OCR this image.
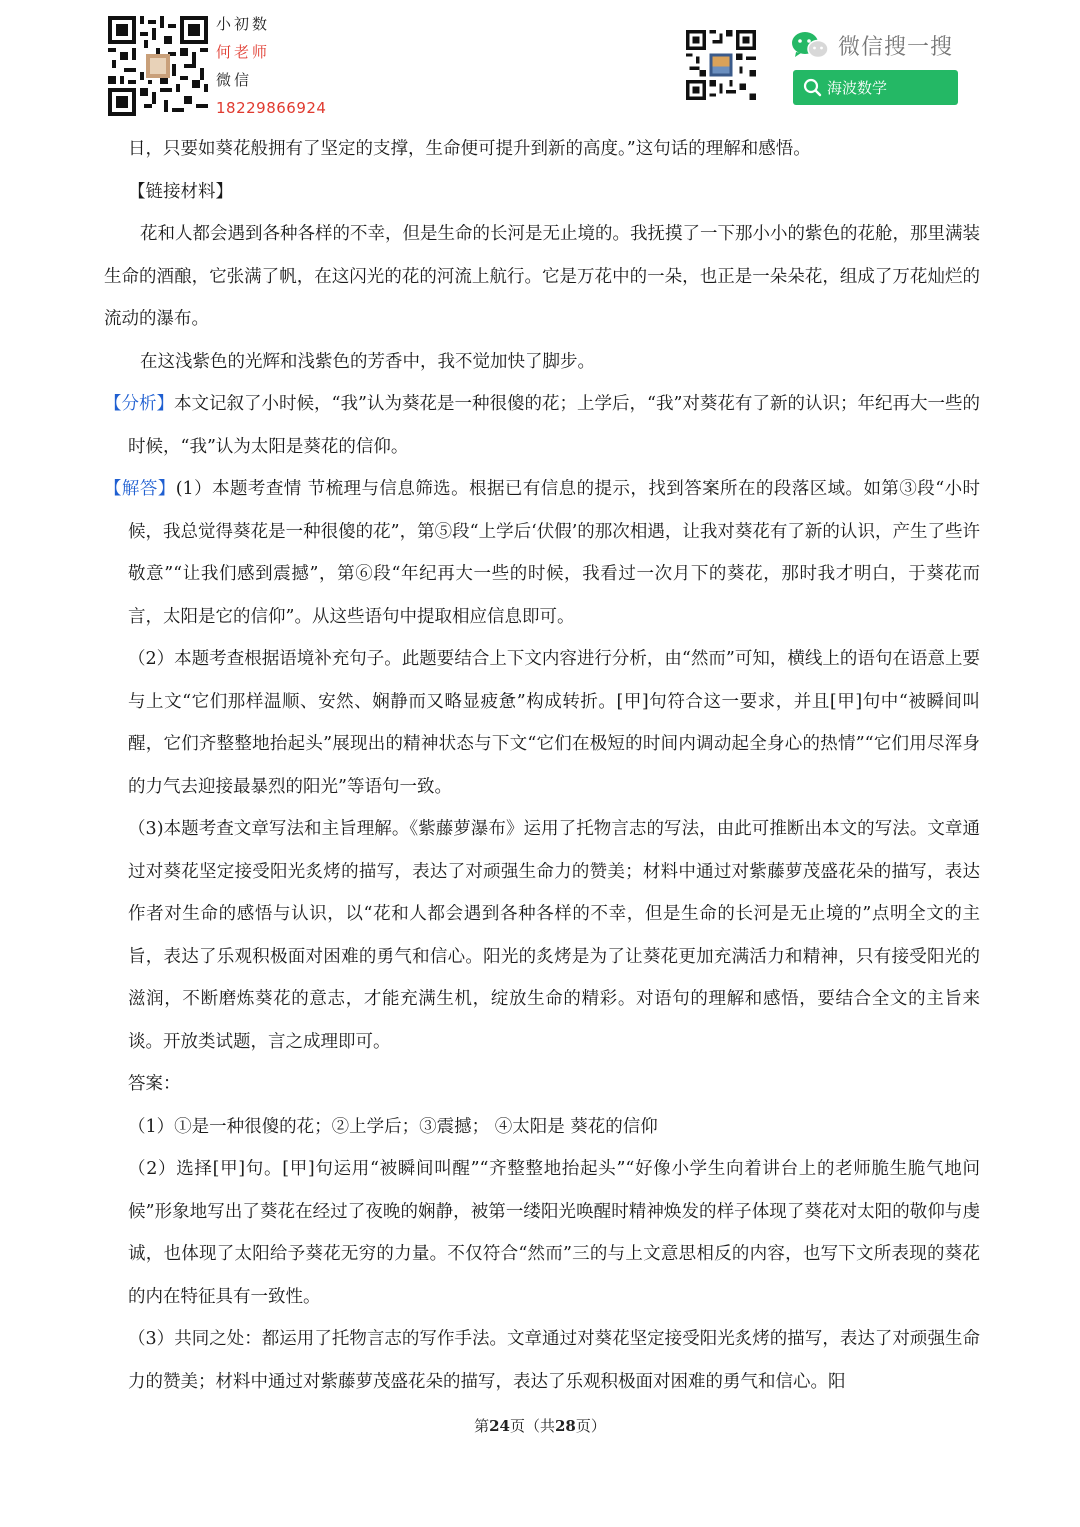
小初数
何老师
微信
18229866924
微信搜一搜
海波数学

日，只要如葵花般拥有了坚定的支撑，生命便可提升到新的高度。”这句话的理解和感悟。

【链接材料】

花和人都会遇到各种各样的不幸，但是生命的长河是无止境的。我抚摸了一下那小小的紫色的花舱，那里满装生命的酒酿，它张满了帆，在这闪光的花的河流上航行。它是万花中的一朵，也正是一朵朵花，组成了万花灿烂的流动的瀑布。

在这浅紫色的光辉和浅紫色的芳香中，我不觉加快了脚步。

【分析】本文记叙了小时候，“我”认为葵花是一种很傻的花；上学后，“我”对葵花有了新的认识；年纪再大一些的时候，“我”认为太阳是葵花的信仰。

【解答】(1）本题考查情 节梳理与信息筛选。根据已有信息的提示，找到答案所在的段落区域。如第③段“小时候，我总觉得葵花是一种很傻的花”，第⑤段“上学后‘伏假’的那次相遇，让我对葵花有了新的认识，产生了些许敬意”“让我们感到震撼”，第⑥段“年纪再大一些的时候，我看过一次月下的葵花，那时我才明白，于葵花而言，太阳是它的信仰”。从这些语句中提取相应信息即可。

（2）本题考查根据语境补充句子。此题要结合上下文内容进行分析，由“然而”可知，横线上的语句在语意上要与上文“它们那样温顺、安然、娴静而又略显疲惫”构成转折。[甲]句符合这一要求，并且[甲]句中“被瞬间叫醒，它们齐整整地抬起头”展现出的精神状态与下文“它们在极短的时间内调动起全身心的热情”“它们用尽浑身的力气去迎接最暴烈的阳光”等语句一致。

（3)本题考查文章写法和主旨理解。《紫藤萝瀑布》运用了托物言志的写法，由此可推断出本文的写法。文章通过对葵花坚定接受阳光炙烤的描写，表达了对顽强生命力的赞美；材料中通过对紫藤萝茂盛花朵的描写，表达作者对生命的感悟与认识，以“花和人都会遇到各种各样的不幸，但是生命的长河是无止境的”点明全文的主旨，表达了乐观积极面对困难的勇气和信心。阳光的炙烤是为了让葵花更加充满活力和精神，只有接受阳光的滋润，不断磨炼葵花的意志，才能充满生机，绽放生命的精彩。对语句的理解和感悟，要结合全文的主旨来谈。开放类试题，言之成理即可。

答案：

（1）①是一种很傻的花；②上学后；③震撼； ④太阳是 葵花的信仰

（2）选择[甲]句。[甲]句运用“被瞬间叫醒”“齐整整地抬起头”“好像小学生向着讲台上的老师脆生脆气地问候”形象地写出了葵花在经过了夜晚的娴静，被第一缕阳光唤醒时精神焕发的样子体现了葵花对太阳的敬仰与虔诚，也体现了太阳给予葵花无穷的力量。不仅符合“然而”三的与上文意思相反的内容，也写下文所表现的葵花的内在特征具有一致性。

（3）共同之处：都运用了托物言志的写作手法。文章通过对葵花坚定接受阳光炙烤的描写，表达了对顽强生命力的赞美；材料中通过对紫藤萝茂盛花朵的描写，表达了乐观积极面对困难的勇气和信心。阳

第24页（共28页）
